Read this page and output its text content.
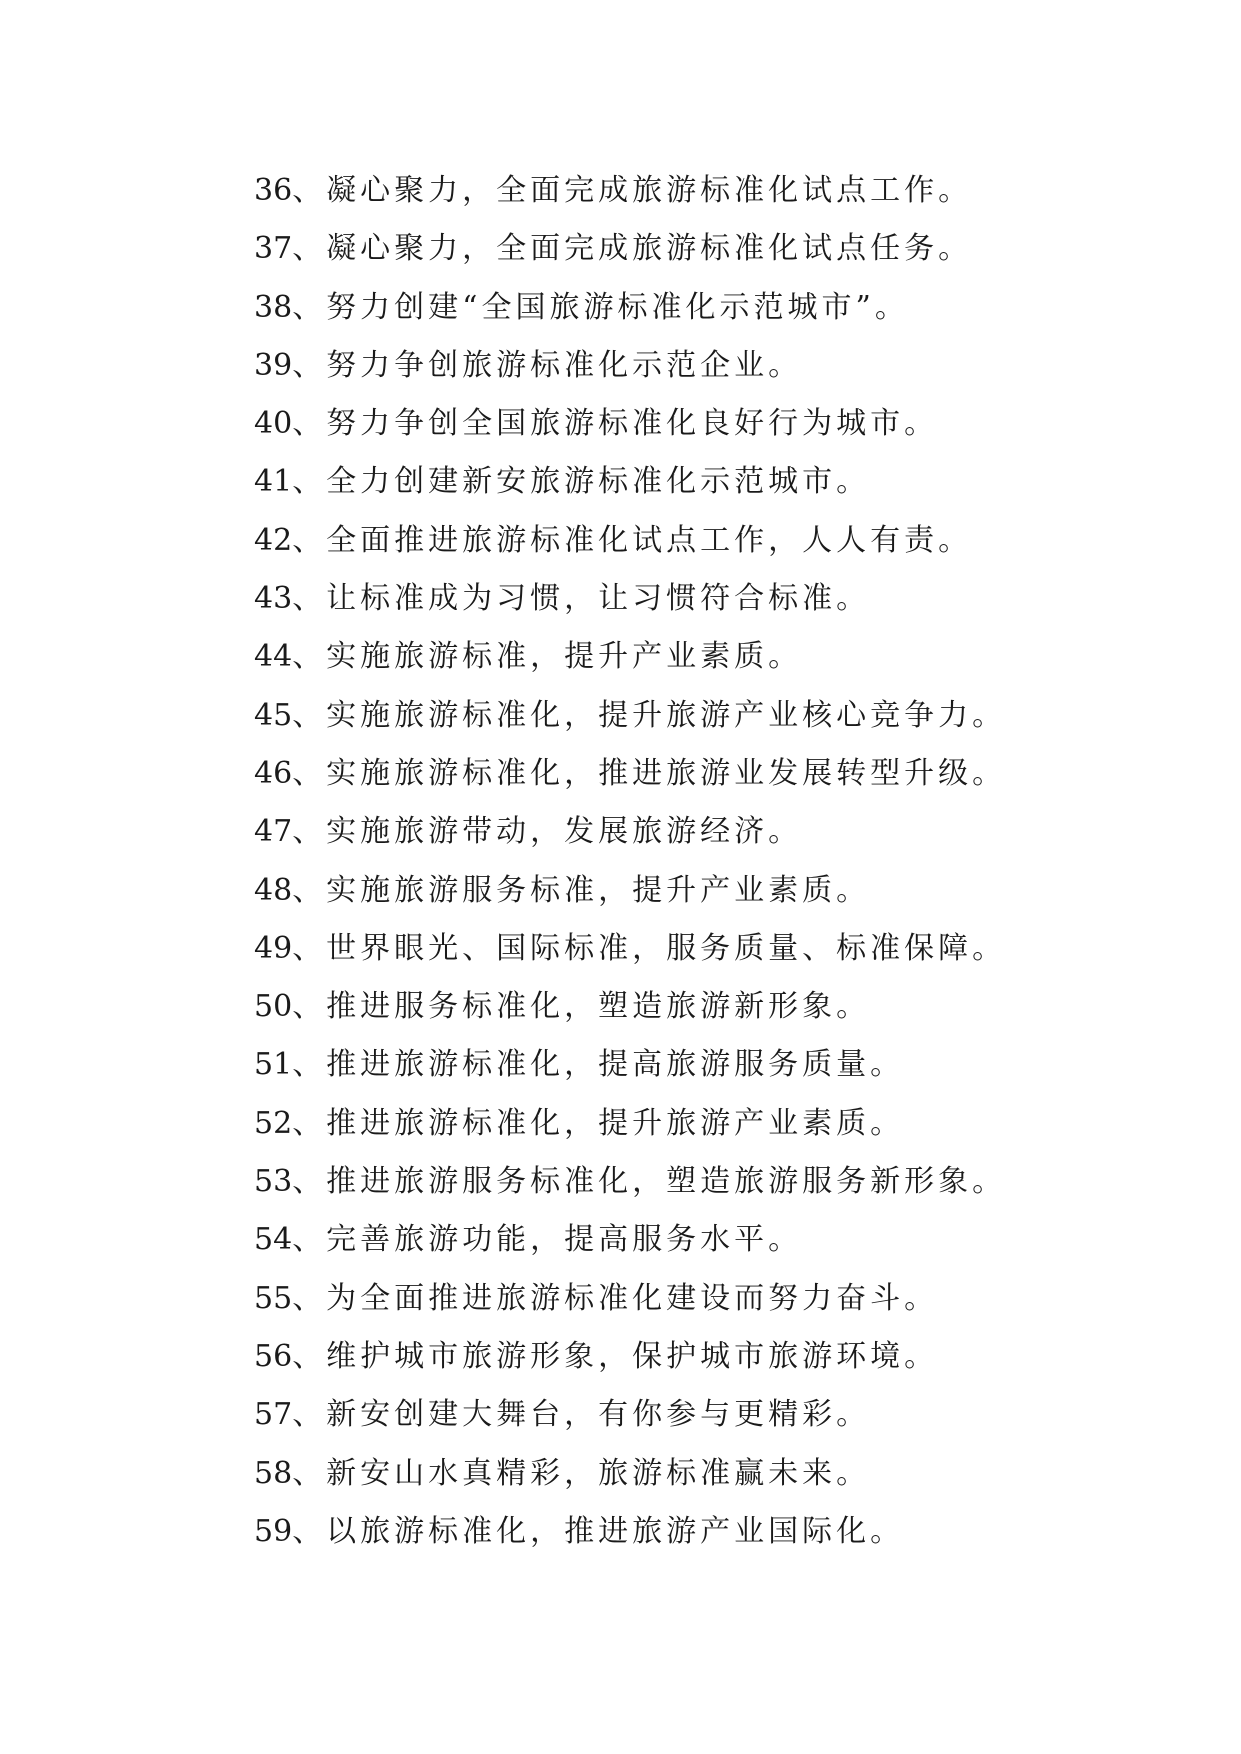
36、凝心聚力，全面完成旅游标准化试点工作。
37、凝心聚力，全面完成旅游标准化试点任务。
38、努力创建“全国旅游标准化示范城市”。
39、努力争创旅游标准化示范企业。
40、努力争创全国旅游标准化良好行为城市。
41、全力创建新安旅游标准化示范城市。
42、全面推进旅游标准化试点工作，人人有责。
43、让标准成为习惯，让习惯符合标准。
44、实施旅游标准，提升产业素质。
45、实施旅游标准化，提升旅游产业核心竞争力。
46、实施旅游标准化，推进旅游业发展转型升级。
47、实施旅游带动，发展旅游经济。
48、实施旅游服务标准，提升产业素质。
49、世界眼光、国际标准，服务质量、标准保障。
50、推进服务标准化，塑造旅游新形象。
51、推进旅游标准化，提高旅游服务质量。
52、推进旅游标准化，提升旅游产业素质。
53、推进旅游服务标准化，塑造旅游服务新形象。
54、完善旅游功能，提高服务水平。
55、为全面推进旅游标准化建设而努力奋斗。
56、维护城市旅游形象，保护城市旅游环境。
57、新安创建大舞台，有你参与更精彩。
58、新安山水真精彩，旅游标准赢未来。
59、以旅游标准化，推进旅游产业国际化。
